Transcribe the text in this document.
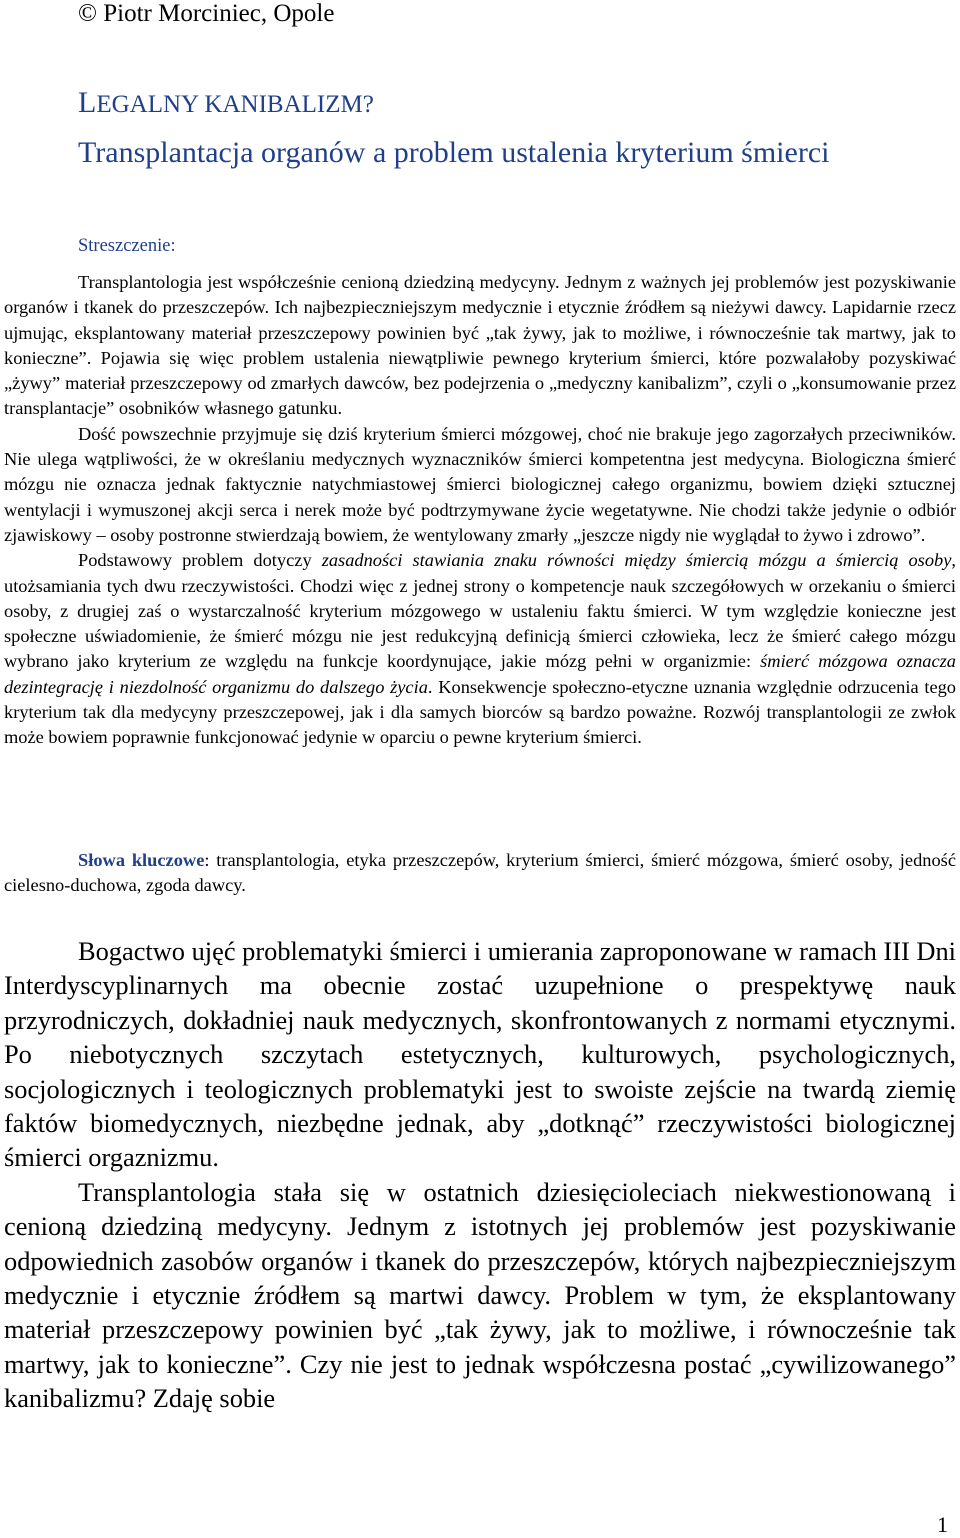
© Piotr Morciniec, Opole
LEGALNY KANIBALIZM?
Transplantacja organów a problem ustalenia kryterium śmierci
Streszczenie:

Transplantologia jest współcześnie cenioną dziedziną medycyny. Jednym z ważnych jej problemów jest pozyskiwanie organów i tkanek do przeszczepów. Ich najbezpieczniejszym medycznie i etycznie źródłem są nieżywi dawcy. Lapidarnie rzecz ujmując, eksplantowany materiał przeszczepowy powinien być „tak żywy, jak to możliwe, i równocześnie tak martwy, jak to konieczne”. Pojawia się więc problem ustalenia niewątpliwie pewnego kryterium śmierci, które pozwalałoby pozyskiwać „żywy” materiał przeszczepowy od zmarłych dawców, bez podejrzenia o „medyczny kanibalizm”, czyli o „konsumowanie przez transplantacje” osobników własnego gatunku.

Dość powszechnie przyjmuje się dziś kryterium śmierci mózgowej, choć nie brakuje jego zagorzałych przeciwników. Nie ulega wątpliwości, że w określaniu medycznych wyznaczników śmierci kompetentna jest medycyna. Biologiczna śmierć mózgu nie oznacza jednak faktycznie natychmiastowej śmierci biologicznej całego organizmu, bowiem dzięki sztucznej wentylacji i wymuszonej akcji serca i nerek może być podtrzymywane życie wegetatywne. Nie chodzi także jedynie o odbiór zjawiskowy – osoby postronne stwierdzają bowiem, że wentylowany zmarły „jeszcze nigdy nie wyglądał to żywo i zdrowo”.

Podstawowy problem dotyczy zasadności stawiania znaku równości między śmiercią mózgu a śmiercią osoby, utożsamiania tych dwu rzeczywistości. Chodzi więc z jednej strony o kompetencje nauk szczegółowych w orzekaniu o śmierci osoby, z drugiej zaś o wystarczalność kryterium mózgowego w ustaleniu faktu śmierci. W tym względzie konieczne jest społeczne uświadomienie, że śmierć mózgu nie jest redukcyjną definicją śmierci człowieka, lecz że śmierć całego mózgu wybrano jako kryterium ze względu na funkcje koordynujące, jakie mózg pełni w organizmie: śmierć mózgowa oznacza dezintegrację i niezdolność organizmu do dalszego życia. Konsekwencje społeczno-etyczne uznania względnie odrzucenia tego kryterium tak dla medycyny przeszczepowej, jak i dla samych biorców są bardzo poważne. Rozwój transplantologii ze zwłok może bowiem poprawnie funkcjonować jedynie w oparciu o pewne kryterium śmierci.

Słowa kluczowe: transplantologia, etyka przeszczepów, kryterium śmierci, śmierć mózgowa, śmierć osoby, jedność cielesno-duchowa, zgoda dawcy.

Bogactwo ujęć problematyki śmierci i umierania zaproponowane w ramach III Dni Interdyscyplinarnych ma obecnie zostać uzupełnione o prespektywę nauk przyrodniczych, dokładniej nauk medycznych, skonfrontowanych z normami etycznymi. Po niebotycznych szczytach estetycznych, kulturowych, psychologicznych, socjologicznych i teologicznych problematyki jest to swoiste zejście na twardą ziemię faktów biomedycznych, niezbędne jednak, aby „dotknąć” rzeczywistości biologicznej śmierci orgaznizmu.

Transplantologia stała się w ostatnich dziesięcioleciach niekwestionowaną i cenioną dziedziną medycyny. Jednym z istotnych jej problemów jest pozyskiwanie odpowiednich zasobów organów i tkanek do przeszczepów, których najbezpieczniejszym medycznie i etycznie źródłem są martwi dawcy. Problem w tym, że eksplantowany materiał przeszczepowy powinien być „tak żywy, jak to możliwe, i równocześnie tak martwy, jak to konieczne”. Czy nie jest to jednak współczesna postać „cywilizowanego” kanibalizmu? Zdaję sobie

1
